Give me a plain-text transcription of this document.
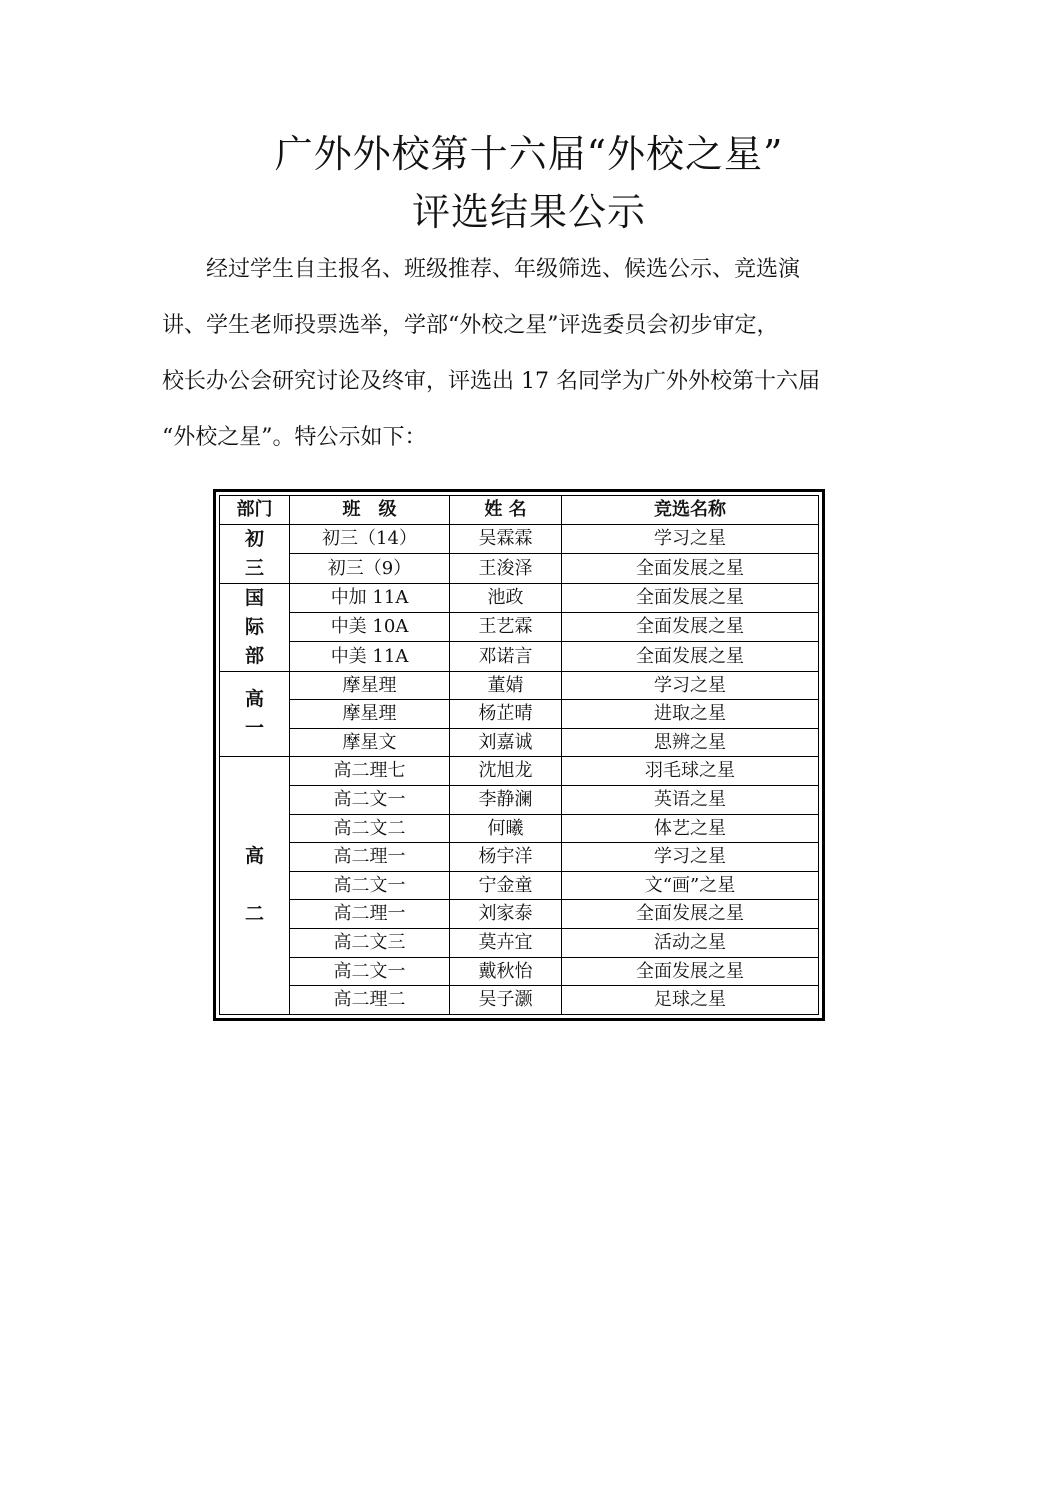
广外外校第十六届“外校之星”
评选结果公示

经过学生自主报名、班级推荐、年级筛选、候选公示、竞选演

讲、学生老师投票选举，学部“外校之星”评选委员会初步审定，

校长办公会研究讨论及终审，评选出 17 名同学为广外外校第十六届

“外校之星”。特公示如下：

部门	班　级	姓 名	竞选名称

初
三	初三（14）	吴霖霖	学习之星
	初三（9）	王浚泽	全面发展之星

国
际
部	中加 11A	池政	全面发展之星
	中美 10A	王艺霖	全面发展之星
	中美 11A	邓诺言	全面发展之星

高
一	摩星理	董婧	学习之星
	摩星理	杨芷晴	进取之星
	摩星文	刘嘉诚	思辨之星

高

二	高二理七	沈旭龙	羽毛球之星
	高二文一	李静澜	英语之星
	高二文二	何曦	体艺之星
	高二理一	杨宇洋	学习之星
	高二文一	宁金童	文“画”之星
	高二理一	刘家泰	全面发展之星
	高二文三	莫卉宜	活动之星
	高二文一	戴秋怡	全面发展之星
	高二理二	吴子灏	足球之星
